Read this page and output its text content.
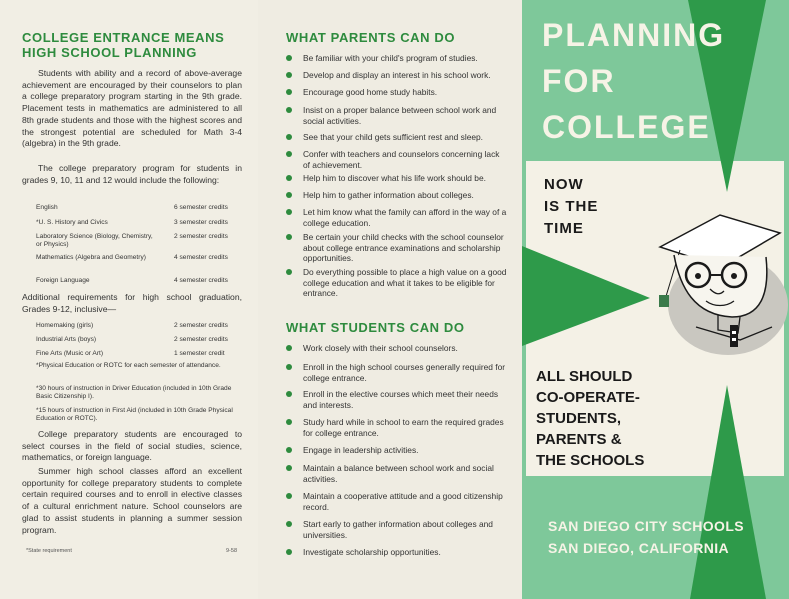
COLLEGE ENTRANCE MEANS HIGH SCHOOL PLANNING

Students with ability and a record of above-average achievement are encouraged by their counselors to plan a college preparatory program starting in the 9th grade. Placement tests in mathematics are administered to all 8th grade students and those with the highest scores and the strongest potential are scheduled for Math 3-4 (algebra) in the 9th grade.

The college preparatory program for students in grades 9, 10, 11 and 12 would include the following:

English	6 semester credits
*U. S. History and Civics	3 semester credits
Laboratory Science (Biology, Chemistry, or Physics)
2 semester credits
Mathematics (Algebra and Geometry)	4 semester credits
Foreign Language	4 semester credits

Additional requirements for high school graduation, Grades 9-12, inclusive—

Homemaking (girls)	2 semester credits
Industrial Arts (boys)	2 semester credits
Fine Arts (Music or Art)	1 semester credit

*Physical Education or ROTC for each semester of attendance.

*30 hours of instruction in Driver Education (included in 10th Grade Basic Citizenship I).

*15 hours of instruction in First Aid (included in 10th Grade Physical Education or ROTC).

College preparatory students are encouraged to select courses in the field of social studies, science, mathematics, or foreign language.

Summer high school classes afford an excellent opportunity for college preparatory students to complete certain required courses and to enroll in elective classes of a cultural enrichment nature. School counselors are glad to assist students in planning a summer session program.

*State requirement	9-58
WHAT PARENTS CAN DO
Be familiar with your child's program of studies.
Develop and display an interest in his school work.
Encourage good home study habits.
Insist on a proper balance between school work and social activities.
See that your child gets sufficient rest and sleep.
Confer with teachers and counselors concerning lack of achievement.
Help him to discover what his life work should be.
Help him to gather information about colleges.
Let him know what the family can afford in the way of a college education.
Be certain your child checks with the school counselor about college entrance examinations and scholarship opportunities.
Do everything possible to place a high value on a good college education and what it takes to be eligible for entrance.
WHAT STUDENTS CAN DO
Work closely with their school counselors.
Enroll in the high school courses generally required for college entrance.
Enroll in the elective courses which meet their needs and interests.
Study hard while in school to earn the required grades for college entrance.
Engage in leadership activities.
Maintain a balance between school work and social activities.
Maintain a cooperative attitude and a good citizenship record.
Start early to gather information about colleges and universities.
Investigate scholarship opportunities.
PLANNING
FOR
COLLEGE
NOW
IS THE
TIME
ALL SHOULD
CO-OPERATE-
STUDENTS,
PARENTS &
THE SCHOOLS
SAN DIEGO CITY SCHOOLS
SAN DIEGO, CALIFORNIA
